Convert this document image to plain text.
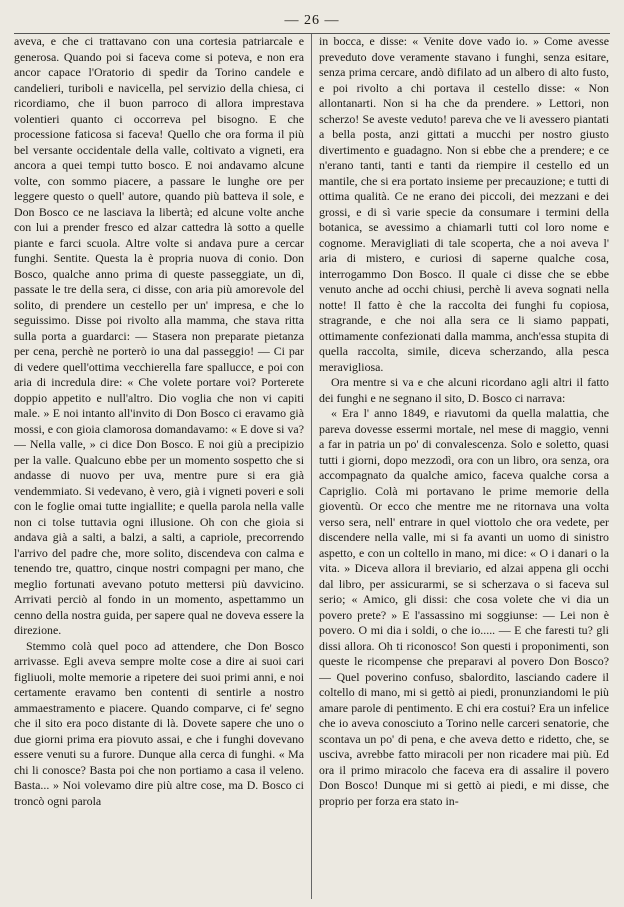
— 26 —

aveva, e che ci trattavano con una cortesia patriarcale e generosa. Quando poi si faceva come si poteva, e non era ancor capace l'Oratorio di spedir da Torino candele e candelieri, turiboli e navicella, pel servizio della chiesa, ci ricordiamo, che il buon parroco di allora imprestava volentieri quanto ci occorreva pel bisogno. E che processione faticosa si faceva! Quello che ora forma il più bel versante occidentale della valle, coltivato a vigneti, era ancora a quei tempi tutto bosco. E noi andavamo alcune volte, con sommo piacere, a passare le lunghe ore per leggere questo o quell' autore, quando più batteva il sole, e Don Bosco ce ne lasciava la libertà; ed alcune volte anche con lui a prender fresco ed alzar cattedra là sotto a quelle piante e farci scuola. Altre volte si andava pure a cercar funghi. Sentite. Questa la è propria nuova di conio. Don Bosco, qualche anno prima di queste passeggiate, un dì, passate le tre della sera, ci disse, con aria più amorevole del solito, di prendere un cestello per un' impresa, e che lo seguissimo. Disse poi rivolto alla mamma, che stava ritta sulla porta a guardarci: — Stasera non preparate pietanza per cena, perchè ne porterò io una dal passeggio! — Ci par di vedere quell'ottima vecchierella fare spallucce, e poi con aria di incredula dire: « Che volete portare voi? Porterete doppio appetito e null'altro. Dio voglia che non vi capiti male. » E noi intanto all'invito di Don Bosco ci eravamo già mossi, e con gioia clamorosa domandavamo: « E dove si va? — Nella valle, » ci dice Don Bosco. E noi giù a precipizio per la valle. Qualcuno ebbe per un momento sospetto che si andasse di nuovo per uva, mentre pure si era già vendemmiato. Si vedevano, è vero, già i vigneti poveri e soli con le foglie omai tutte ingiallite; e quella parola nella valle non ci tolse tuttavia ogni illusione. Oh con che gioia si andava già a salti, a balzi, a salti, a capriole, precorrendo l'arrivo del padre che, more solito, discendeva con calma e tenendo tre, quattro, cinque nostri compagni per mano, che meglio fortunati avevano potuto mettersi più davvicino. Arrivati perciò al fondo in un momento, aspettammo un cenno della nostra guida, per sapere qual ne doveva essere la direzione.

Stemmo colà quel poco ad attendere, che Don Bosco arrivasse. Egli aveva sempre molte cose a dire ai suoi cari figliuoli, molte memorie a ripetere dei suoi primi anni, e noi certamente eravamo ben contenti di sentirle a nostro ammaestramento e piacere. Quando comparve, ci fe' segno che il sito era poco distante di là. Dovete sapere che uno o due giorni prima era piovuto assai, e che i funghi dovevano essere venuti su a furore. Dunque alla cerca di funghi. « Ma chi li conosce? Basta poi che non portiamo a casa il veleno. Basta... » Noi volevamo dire più altre cose, ma D. Bosco ci troncò ogni parola

in bocca, e disse: « Venite dove vado io. » Come avesse preveduto dove veramente stavano i funghi, senza esitare, senza prima cercare, andò difilato ad un albero di alto fusto, e poi rivolto a chi portava il cestello disse: « Non allontanarti. Non si ha che da prendere. » Lettori, non scherzo! Se aveste veduto! pareva che ve li avessero piantati a bella posta, anzi gittati a mucchi per nostro giusto divertimento e guadagno. Non si ebbe che a prendere; e ce n'erano tanti, tanti e tanti da riempire il cestello ed un mantile, che si era portato insieme per precauzione; e tutti di ottima qualità. Ce ne erano dei piccoli, dei mezzani e dei grossi, e di sì varie specie da consumare i termini della botanica, se avessimo a chiamarli tutti col loro nome e cognome. Meravigliati di tale scoperta, che a noi aveva l' aria di mistero, e curiosi di saperne qualche cosa, interrogammo Don Bosco. Il quale ci disse che se ebbe venuto anche ad occhi chiusi, perchè li aveva sognati nella notte! Il fatto è che la raccolta dei funghi fu copiosa, stragrande, e che noi alla sera ce li siamo pappati, ottimamente confezionati dalla mamma, anch'essa stupita di quella raccolta, simile, diceva scherzando, alla pesca meravigliosa.

Ora mentre si va e che alcuni ricordano agli altri il fatto dei funghi e ne segnano il sito, D. Bosco ci narrava:

« Era l' anno 1849, e riavutomi da quella malattia, che pareva dovesse essermi mortale, nel mese di maggio, venni a far in patria un po' di convalescenza. Solo e soletto, quasi tutti i giorni, dopo mezzodì, ora con un libro, ora senza, ora accompagnato da qualche amico, faceva qualche corsa a Capriglio. Colà mi portavano le prime memorie della gioventù. Or ecco che mentre me ne ritornava una volta verso sera, nell' entrare in quel viottolo che ora vedete, per discendere nella valle, mi si fa avanti un uomo di sinistro aspetto, e con un coltello in mano, mi dice: « O i danari o la vita. » Diceva allora il breviario, ed alzai appena gli occhi dal libro, per assicurarmi, se si scherzava o si faceva sul serio; « Amico, gli dissi: che cosa volete che vi dia un povero prete? » E l'assassino mi soggiunse: — Lei non è povero. O mi dia i soldi, o che io..... — E che faresti tu? gli dissi allora. Oh ti riconosco! Son questi i proponimenti, son queste le ricompense che preparavi al povero Don Bosco? — Quel poverino confuso, sbalordito, lasciando cadere il coltello di mano, mi si gettò ai piedi, pronunziandomi le più amare parole di pentimento. E chi era costui? Era un infelice che io aveva conosciuto a Torino nelle carceri senatorie, che scontava un po' di pena, e che aveva detto e ridetto, che, se usciva, avrebbe fatto miracoli per non ricadere mai più. Ed ora il primo miracolo che faceva era di assalire il povero Don Bosco! Dunque mi si gettò ai piedi, e mi disse, che proprio per forza era stato in-
